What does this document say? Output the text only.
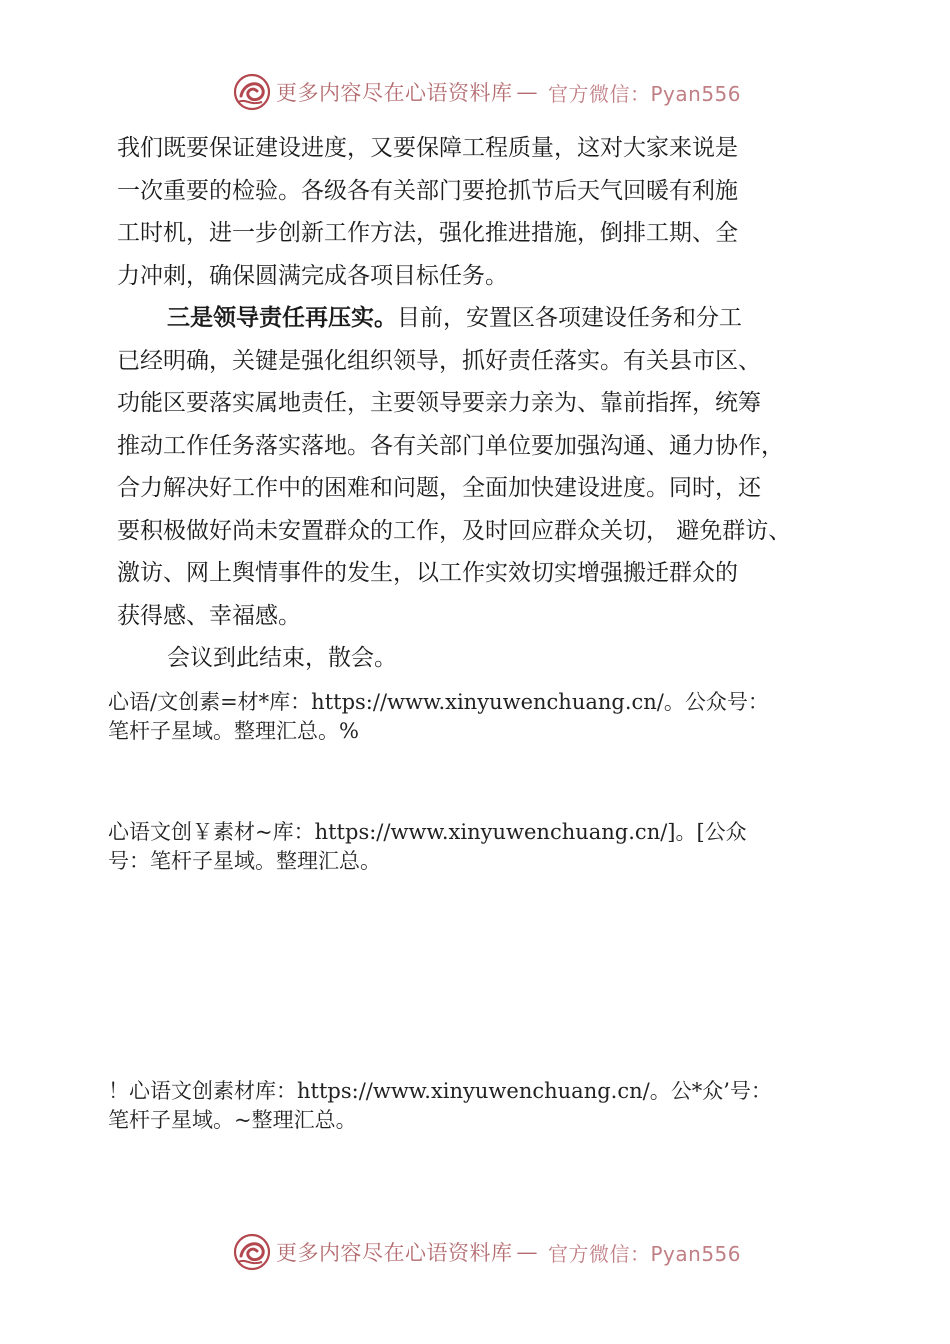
更多内容尽在心语资料库 — 官方微信：Pyan556
我们既要保证建设进度，又要保障工程质量，这对大家来说是
一次重要的检验。各级各有关部门要抢抓节后天气回暖有利施
工时机，进一步创新工作方法，强化推进措施，倒排工期、全
力冲刺，确保圆满完成各项目标任务。
三是领导责任再压实。目前，安置区各项建设任务和分工
已经明确，关键是强化组织领导，抓好责任落实。有关县市区、
功能区要落实属地责任，主要领导要亲力亲为、靠前指挥，统筹
推动工作任务落实落地。各有关部门单位要加强沟通、通力协作，
合力解决好工作中的困难和问题，全面加快建设进度。同时，还
要积极做好尚未安置群众的工作，及时回应群众关切， 避免群访、
激访、网上舆情事件的发生，以工作实效切实增强搬迁群众的
获得感、幸福感。
会议到此结束，散会。
心语/文创素=材*库：https://www.xinyuwenchuang.cn/。公众号：
笔杆子星域。整理汇总。%
心语文创￥素材~库：https://www.xinyuwenchuang.cn/]。[公众
号：笔杆子星域。整理汇总。
！心语文创素材库：https://www.xinyuwenchuang.cn/。公*众’号：
笔杆子星域。~整理汇总。
更多内容尽在心语资料库 — 官方微信：Pyan556
